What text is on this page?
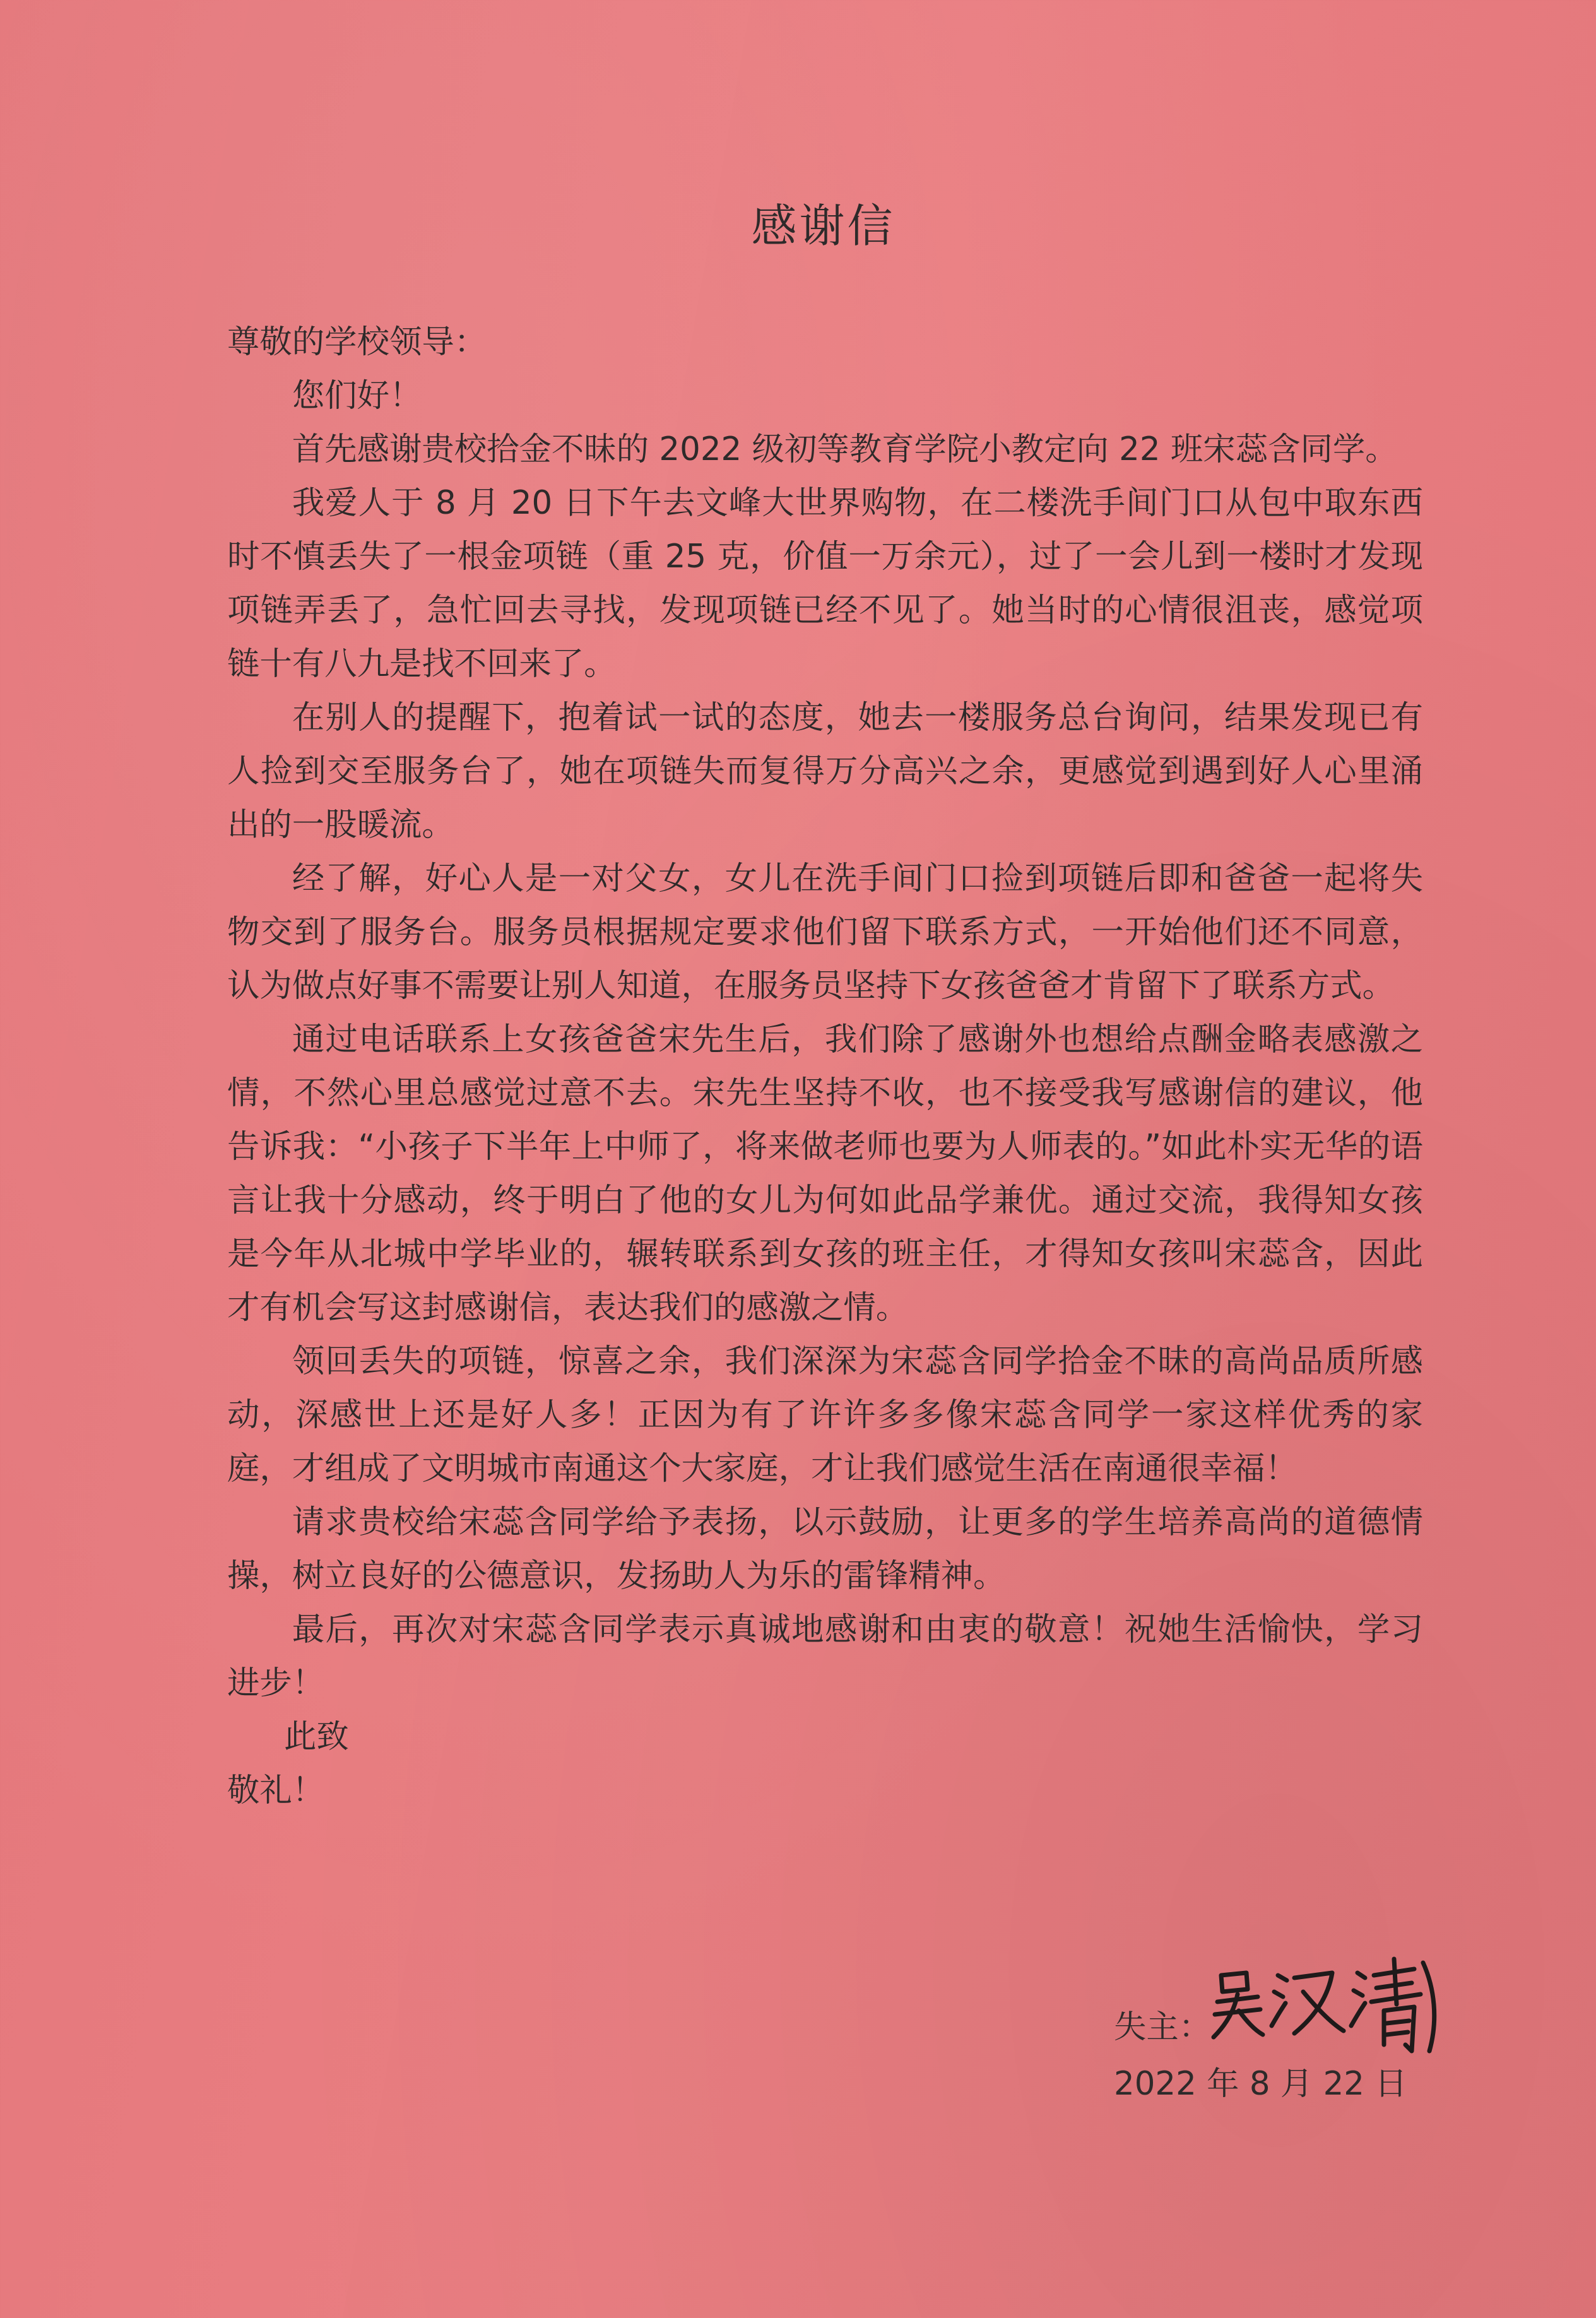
感谢信

尊敬的学校领导：

您们好！

首先感谢贵校拾金不昧的 2022 级初等教育学院小教定向 22 班宋蕊含同学。

我爱人于 8 月 20 日下午去文峰大世界购物，在二楼洗手间门口从包中取东西时不慎丢失了一根金项链（重 25 克，价值一万余元），过了一会儿到一楼时才发现项链弄丢了，急忙回去寻找，发现项链已经不见了。她当时的心情很沮丧，感觉项链十有八九是找不回来了。

在别人的提醒下，抱着试一试的态度，她去一楼服务总台询问，结果发现已有人捡到交至服务台了，她在项链失而复得万分高兴之余，更感觉到遇到好人心里涌出的一股暖流。

经了解，好心人是一对父女，女儿在洗手间门口捡到项链后即和爸爸一起将失物交到了服务台。服务员根据规定要求他们留下联系方式，一开始他们还不同意，认为做点好事不需要让别人知道，在服务员坚持下女孩爸爸才肯留下了联系方式。

通过电话联系上女孩爸爸宋先生后，我们除了感谢外也想给点酬金略表感激之情，不然心里总感觉过意不去。宋先生坚持不收，也不接受我写感谢信的建议，他告诉我：“小孩子下半年上中师了，将来做老师也要为人师表的。”如此朴实无华的语言让我十分感动，终于明白了他的女儿为何如此品学兼优。通过交流，我得知女孩是今年从北城中学毕业的，辗转联系到女孩的班主任，才得知女孩叫宋蕊含，因此才有机会写这封感谢信，表达我们的感激之情。

领回丢失的项链，惊喜之余，我们深深为宋蕊含同学拾金不昧的高尚品质所感动，深感世上还是好人多！正因为有了许许多多像宋蕊含同学一家这样优秀的家庭，才组成了文明城市南通这个大家庭，才让我们感觉生活在南通很幸福！

请求贵校给宋蕊含同学给予表扬，以示鼓励，让更多的学生培养高尚的道德情操，树立良好的公德意识，发扬助人为乐的雷锋精神。

最后，再次对宋蕊含同学表示真诚地感谢和由衷的敬意！祝她生活愉快，学习进步！

此致

敬礼！

失主：
2022 年 8 月 22 日
